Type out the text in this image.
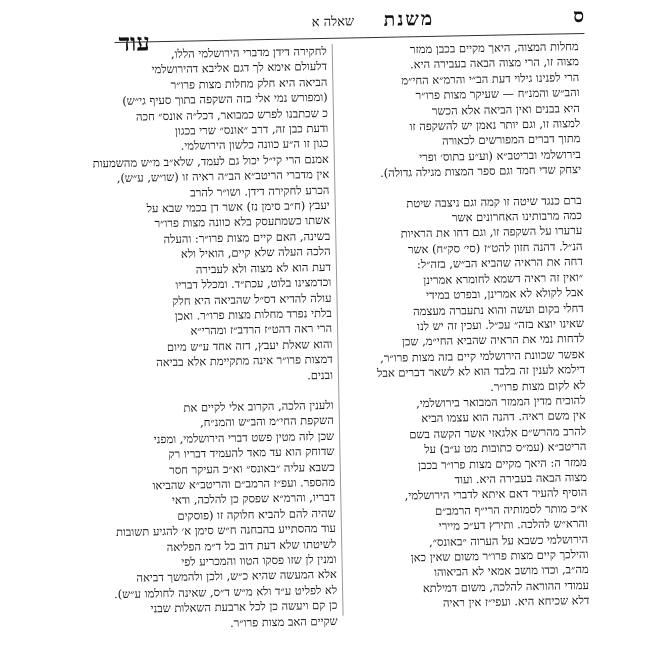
ס
משנת
שאלה א
עוד	מחלות המצוה, היאך מקיים בכבן ממזר
מצוה זו, הרי מצוה הבאה בעבירה היא.
הרי לפנינו גילוי דעת הב״י והרמ״א החי״מ
והב״ש והמנ״ח — שעיקר מצות פרו״ר
היא בבנים ואין הביאה אלא הכשר
למצוה זו, וגם יותר נאמן יש להשקפה זו
מתוך דברים המפורשים לכאורה
בירושלמי ובריטב״א (וע״ע בתוס׳ ופרי
יצחק שדי חמד וגם ספר המצות מגילה גדולה).
ברם כנגד שיטה זו קמה וגם ניצבה שיטת
כמה מרבותינו האחרונים אשר
ערערו על השקפה זו, וגם דחו את הראיות
הנ״ל. דהנה חזון להט״ז (סי׳ סק״ח) אשר
דחה את הראיה שהביא הב״ש, בזה״ל:
״ואין זה ראיה דשמא לחומרא אמרינן
אבל לקולא לא אמרינן, ובפרט במידי
דחלי בקום ועשה והוא נתעברה מעצמה
שאינו יוצא בזה״ עכ״ל. ועכין זה יש לנו
לדחות נמי את הראיה שהביא החי״מ, שכן
אפשר שכוונת הירושלמי קיים בזה מצות פרו״ר,
דילמא לענין זה בלבד הוא לא לשאר דברים אבל
לא לקום מצות פרו״ר.
להוכיח מדין הממזר המבואר בירושלמי,
אין משם ראיה. דהנה הוא עצמו הביא
להרב מהרש״ם אלגאזי אשר הקשה בשם
הריטב״א (עמ״ס כתובות מט ע״ב) על
ממזר ה: היאך מקיים מצות פרו״ר בכבן
מצוה הבאה בעבירה היא. ועוד
הוסיף להעיר דאם איתא לדברי הירושלמי,
א״כ מותר לסמותיה הרי״ף הרמב״ם
והרא״ש להלכה. ותירץ דע״כ מיירי
הירושלמי כשבא על הערוה ״באונס״,
והילכך קיים מצות פרו״ר משום שאין כאן
מה״ב, וכדו מושב אמאי לא הביאוהו
עמודי ההוראה להלכה, משום דמילתא
דלא שכיחא היא. ועפי״ז אין ראיה
לחקירה דידן מדברי הירושלמי הללו,
דלעולם אימא לך דגם אליבא דהירושלמי
הביאה היא חלק מחלות מצות פרו״ר
(ומפורש נמי אלי בזה השקפה בתוך סעיף גי״ש)
כ שכתבנו לפרש כמבואר, דכל״ה אונס״ חכה
ודעת כבן זה, דרב ״אונס״ שרי בכגון
כגון זו ה״ע כוונה כלשון הירושלמי.
אמנם הרי קי״ל יכול גם לעמד, שלא״ב מ״ש מהשמעות
אין מדברי הריטב״א הב״ה ראיה זו (שו״ש, ע״ש),
הכרע לחקירה דידן. ושו״ר להרב
יעבץ (ח״ב סימן נז) אשר דן בכמי שבא על
אשתו כשמתעסק בלא כוונה מצות פרו״ר
בשינה, האם קיים מצות פרו״ר: והעלה
הלכה העלה שלא קיים, הואיל ולא
דעת הוא לא מצוה ולא לעבירה
וכדמצינו בלוט, עכת״ד. ומכלל דבריו
עולה להדיא דס״ל שהביאה היא חלק
בלתי נפרד מחלות מצות פרו״ר. ואכן
הרי ראה דהט״ז הרדב״ז ומהרי״א
והוא שאלת יעבץ, דזה אחד ע״ש מיום
דמצות פרו״ר אינה מתקיימת אלא בביאה
ובנים.
ולענין הלכה, הקרוב אלי לקיים את
השקפת החי״מ והב״ש והמנ״ח,
שכן לזה מטין פשט דברי הירושלמי, ומפני
שדוחק הוא עד מאד להעמיד דבריו רק
כשבא עליה ״באונס״ וא״כ העיקר חסר
מהספר. ועפ״ז הרמב״ם והריטב״א שהביאו
דבריו, והרמ״א שפסק כן להלכה, ודאי
שהיה להם להביא חלוקה זו (פוסקים
עוד מהסתייע בהבחנה ח״ש סימן א׳ להגיע תשובות
לשיטתו שלא דעת דוב כל ד״מ הפליאה
ומנין לן שזו פסקו הטוו והמכריע לפי
אלא המעשה שהיא כ״ש, ולכן ולהמשך דביאה
לא לפליט ע״ד ולא מ״ש ד״ס, שאינה לחולמו ע״ש).
כן קם ויעשה כן לכל ארבעת השאלות שבני
שקיים האב מצות פרו״ר.
